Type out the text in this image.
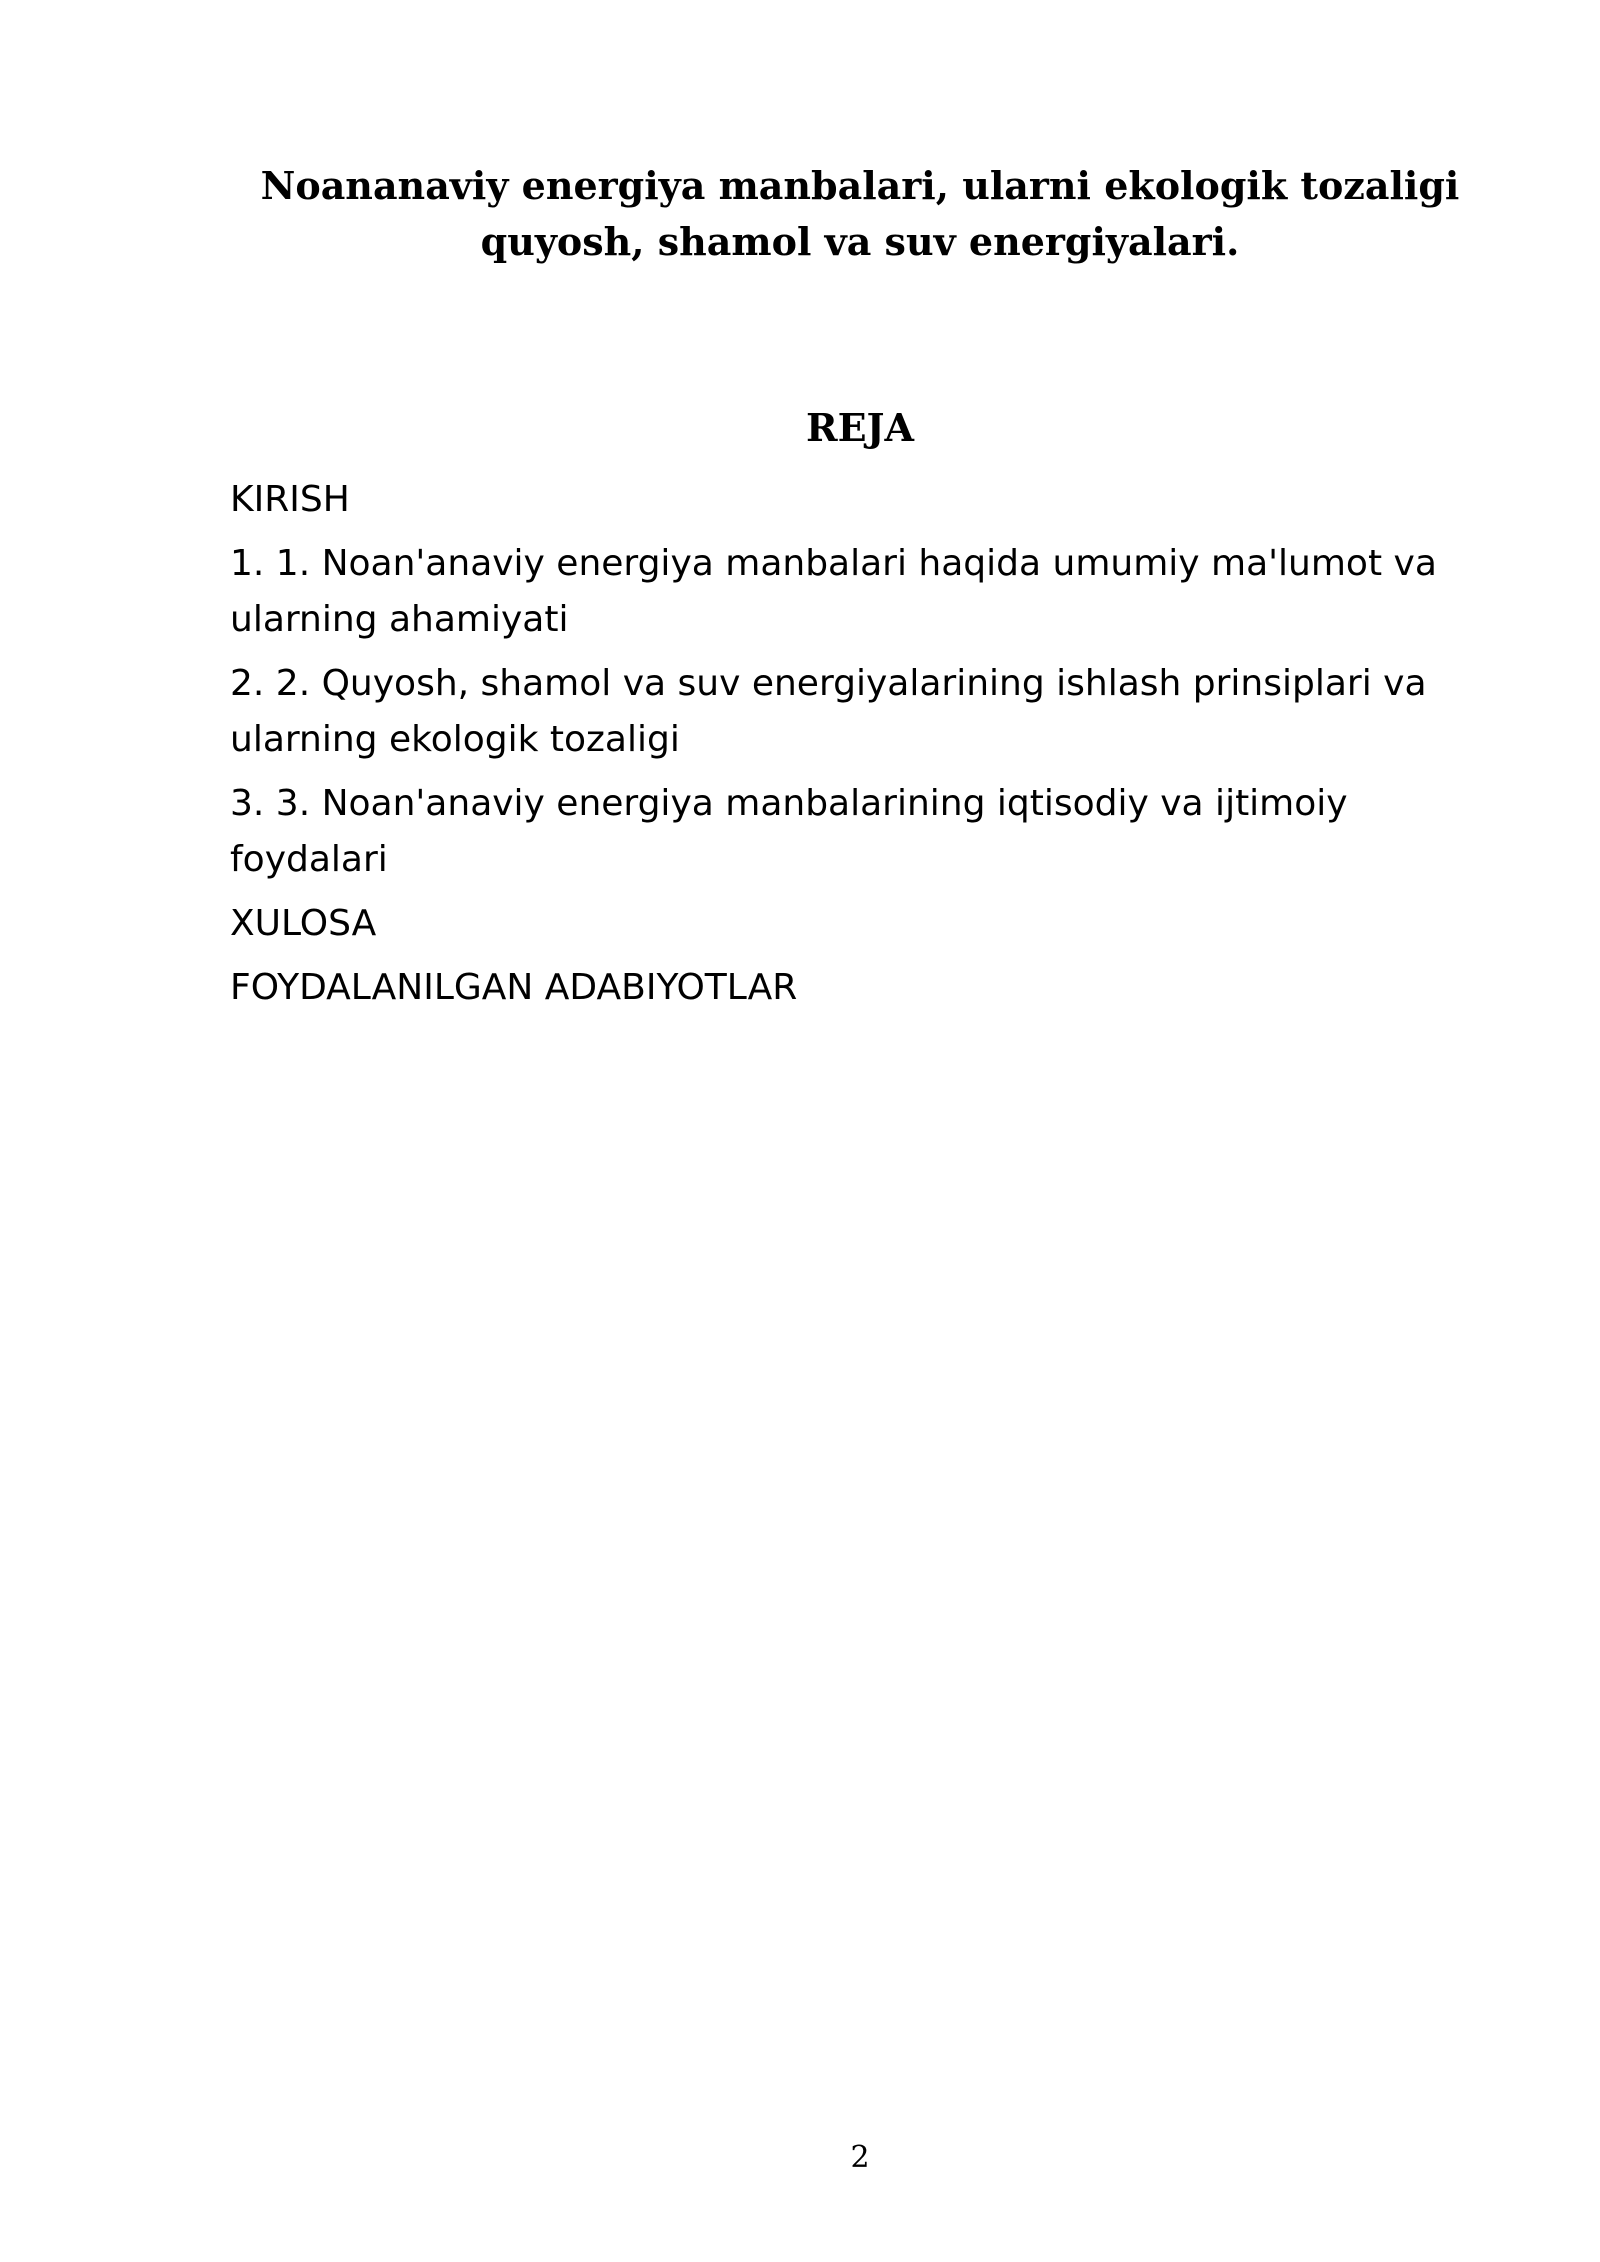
Noananaviy energiya manbalari, ularni ekologik tozaligi
quyosh, shamol va suv energiyalari.
REJA
KIRISH
1. 1. Noan'anaviy energiya manbalari haqida umumiy ma'lumot va ularning ahamiyati
2. 2. Quyosh, shamol va suv energiyalarining ishlash prinsiplari va ularning ekologik tozaligi
3. 3. Noan'anaviy energiya manbalarining iqtisodiy va ijtimoiy foydalari
XULOSA
FOYDALANILGAN ADABIYOTLAR
2
